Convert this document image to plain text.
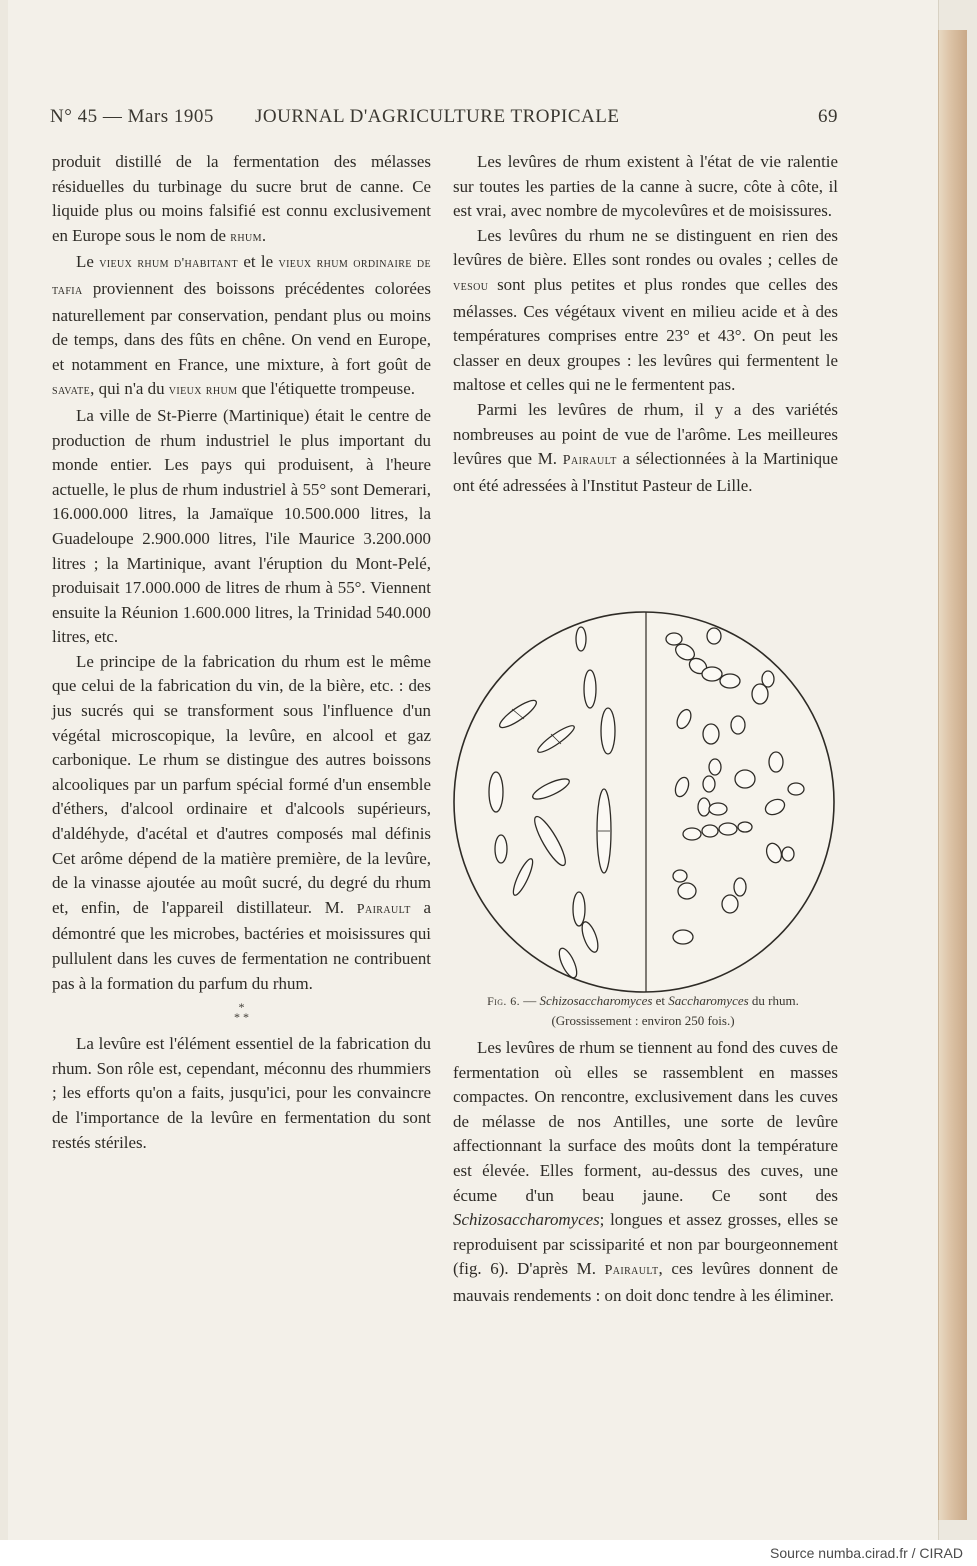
N° 45 — Mars 1905 JOURNAL D'AGRICULTURE TROPICALE	69

produit distillé de la fermentation des mélasses résiduelles du turbinage du sucre brut de canne. Ce liquide plus ou moins falsifié est connu exclusivement en Europe sous le nom de rhum.

Le vieux rhum d'habitant et le vieux rhum ordinaire de tafia proviennent des boissons précédentes colorées naturellement par conservation, pendant plus ou moins de temps, dans des fûts en chêne. On vend en Europe, et notamment en France, une mixture, à fort goût de savate, qui n'a du vieux rhum que l'étiquette trompeuse.

La ville de St-Pierre (Martinique) était le centre de production de rhum industriel le plus important du monde entier. Les pays qui produisent, à l'heure actuelle, le plus de rhum industriel à 55° sont Demerari, 16.000.000 litres, la Jamaïque 10.500.000 litres, la Guadeloupe 2.900.000 litres, l'ile Maurice 3.200.000 litres ; la Martinique, avant l'éruption du Mont-Pelé, produisait 17.000.000 de litres de rhum à 55°. Viennent ensuite la Réunion 1.600.000 litres, la Trinidad 540.000 litres, etc.

Le principe de la fabrication du rhum est le même que celui de la fabrication du vin, de la bière, etc. : des jus sucrés qui se transforment sous l'influence d'un végétal microscopique, la levûre, en alcool et gaz carbonique. Le rhum se distingue des autres boissons alcooliques par un parfum spécial formé d'un ensemble d'éthers, d'alcool ordinaire et d'alcools supérieurs, d'aldéhyde, d'acétal et d'autres composés mal définis Cet arôme dépend de la matière première, de la levûre, de la vinasse ajoutée au moût sucré, du degré du rhum et, enfin, de l'appareil distillateur. M. Pairault a démontré que les microbes, bactéries et moisissures qui pullulent dans les cuves de fermentation ne contribuent pas à la formation du parfum du rhum.

*
* *

La levûre est l'élément essentiel de la fabrication du rhum. Son rôle est, cependant, méconnu des rhummiers ; les efforts qu'on a faits, jusqu'ici, pour les convaincre de l'importance de la levûre en fermentation du sont restés stériles.

Les levûres de rhum existent à l'état de vie ralentie sur toutes les parties de la canne à sucre, côte à côte, il est vrai, avec nombre de mycolevûres et de moisissures.

Les levûres du rhum ne se distinguent en rien des levûres de bière. Elles sont rondes ou ovales ; celles de vesou sont plus petites et plus rondes que celles des mélasses. Ces végétaux vivent en milieu acide et à des températures comprises entre 23° et 43°. On peut les classer en deux groupes : les levûres qui fermentent le maltose et celles qui ne le fermentent pas.

Parmi les levûres de rhum, il y a des variétés nombreuses au point de vue de l'arôme. Les meilleures levûres que M. Pairault a sélectionnées à la Martinique ont été adressées à l'Institut Pasteur de Lille.

Fig. 6. — Schizosaccharomyces et Saccharomyces du rhum. (Grossissement : environ 250 fois.)

Les levûres de rhum se tiennent au fond des cuves de fermentation où elles se rassemblent en masses compactes. On rencontre, exclusivement dans les cuves de mélasse de nos Antilles, une sorte de levûre affectionnant la surface des moûts dont la température est élevée. Elles forment, au-dessus des cuves, une écume d'un beau jaune. Ce sont des Schizosaccharomyces; longues et assez grosses, elles se reproduisent par scissiparité et non par bourgeonnement (fig. 6). D'après M. Pairault, ces levûres donnent de mauvais rendements : on doit donc tendre à les éliminer.

Source numba.cirad.fr / CIRAD
